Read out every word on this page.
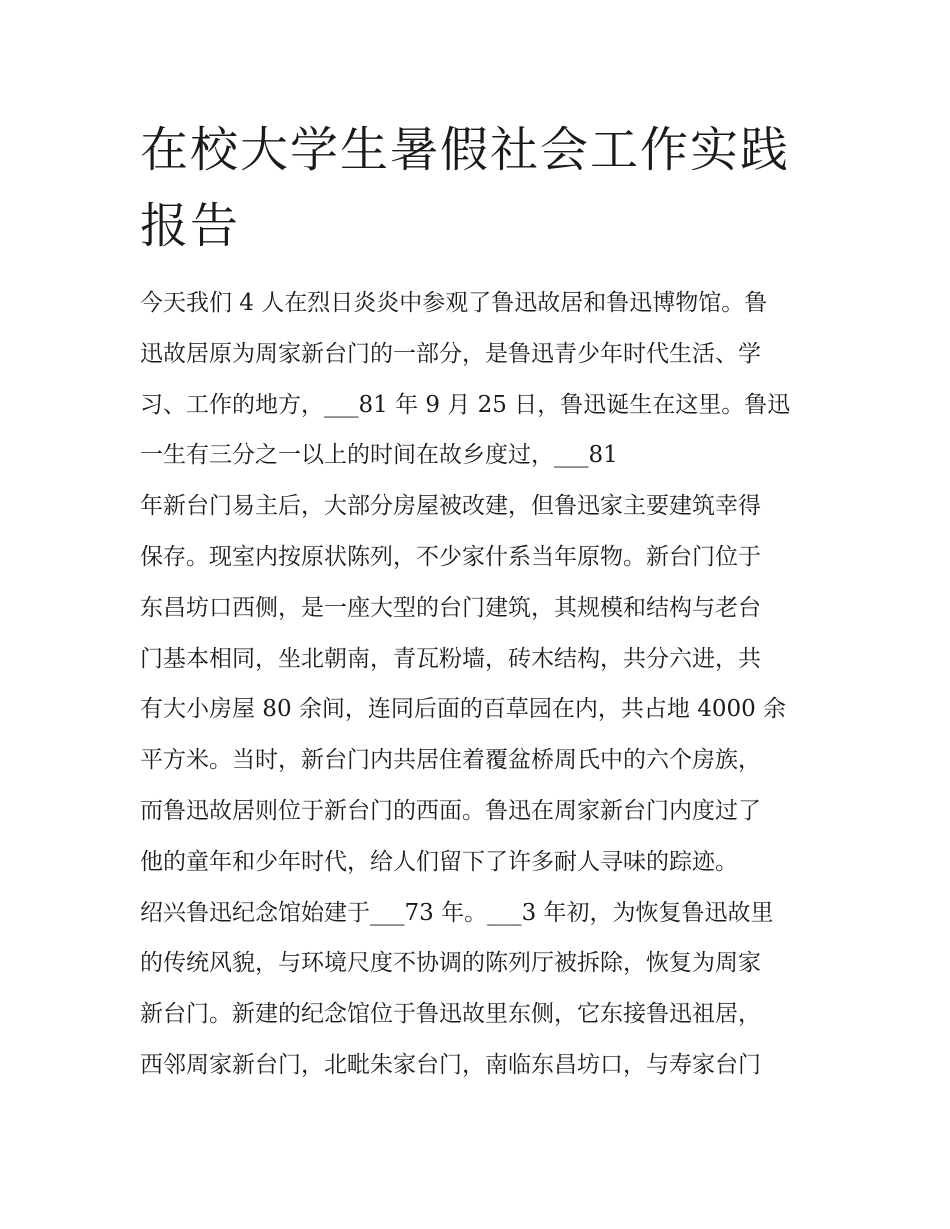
在校大学生暑假社会工作实践
报告
今天我们 4 人在烈日炎炎中参观了鲁迅故居和鲁迅博物馆。鲁
迅故居原为周家新台门的一部分，是鲁迅青少年时代生活、学
习、工作的地方，___81 年 9 月 25 日，鲁迅诞生在这里。鲁迅
一生有三分之一以上的时间在故乡度过，___81
年新台门易主后，大部分房屋被改建，但鲁迅家主要建筑幸得
保存。现室内按原状陈列，不少家什系当年原物。新台门位于
东昌坊口西侧，是一座大型的台门建筑，其规模和结构与老台
门基本相同，坐北朝南，青瓦粉墙，砖木结构，共分六进，共
有大小房屋 80 余间，连同后面的百草园在内，共占地 4000 余
平方米。当时，新台门内共居住着覆盆桥周氏中的六个房族，
而鲁迅故居则位于新台门的西面。鲁迅在周家新台门内度过了
他的童年和少年时代，给人们留下了许多耐人寻味的踪迹。
绍兴鲁迅纪念馆始建于___73 年。___3 年初，为恢复鲁迅故里
的传统风貌，与环境尺度不协调的陈列厅被拆除，恢复为周家
新台门。新建的纪念馆位于鲁迅故里东侧，它东接鲁迅祖居，
西邻周家新台门，北毗朱家台门，南临东昌坊口，与寿家台门
